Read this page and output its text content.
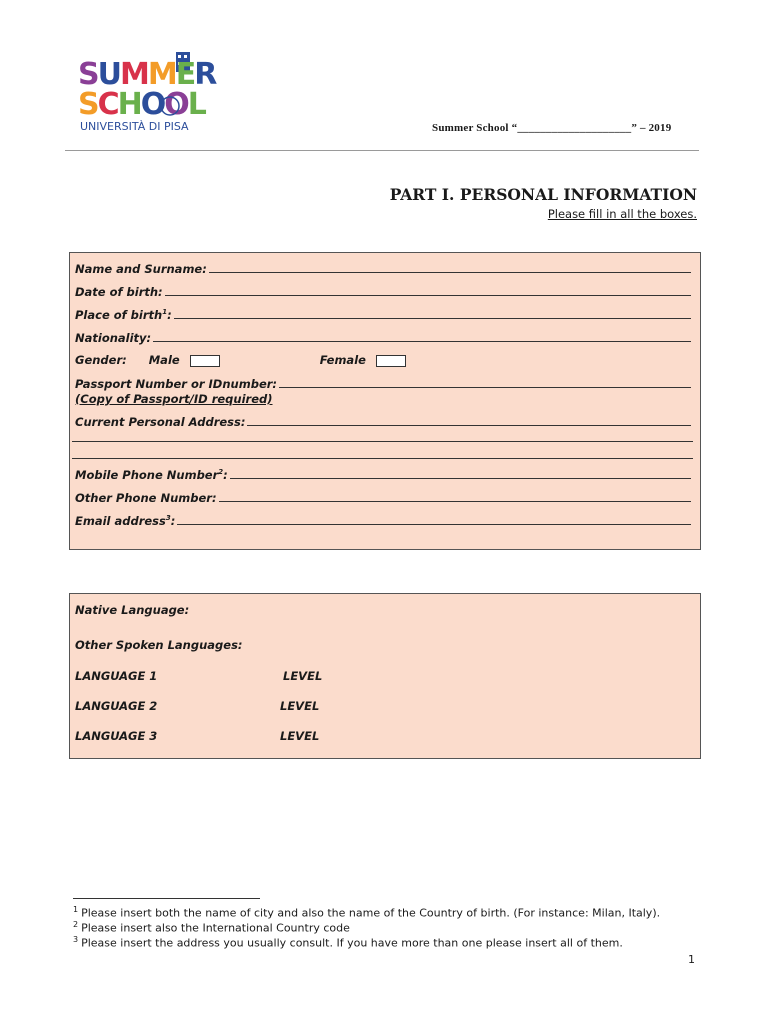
SUMMER
SCHOOL
UNIVERSITÀ DI PISA	Summer School “____________________” – 2019
PART I. PERSONAL INFORMATION
Please fill in all the boxes.
Name and Surname:
Date of birth:
Place of birth$^1$:
Nationality:
Gender: Male	Female
Passport Number or IDnumber:
(Copy of Passport/ID required)
Current Personal Address:
Mobile Phone Number$^2$:
Other Phone Number:
Email address$^3$:
Native Language:
Other Spoken Languages:
LANGUAGE 1	LEVEL
LANGUAGE 2	LEVEL
LANGUAGE 3	LEVEL
$^1$ Please insert both the name of city and also the name of the Country of birth. (For instance: Milan, Italy).
$^2$ Please insert also the International Country code
$^3$ Please insert the address you usually consult. If you have more than one please insert all of them.
1
